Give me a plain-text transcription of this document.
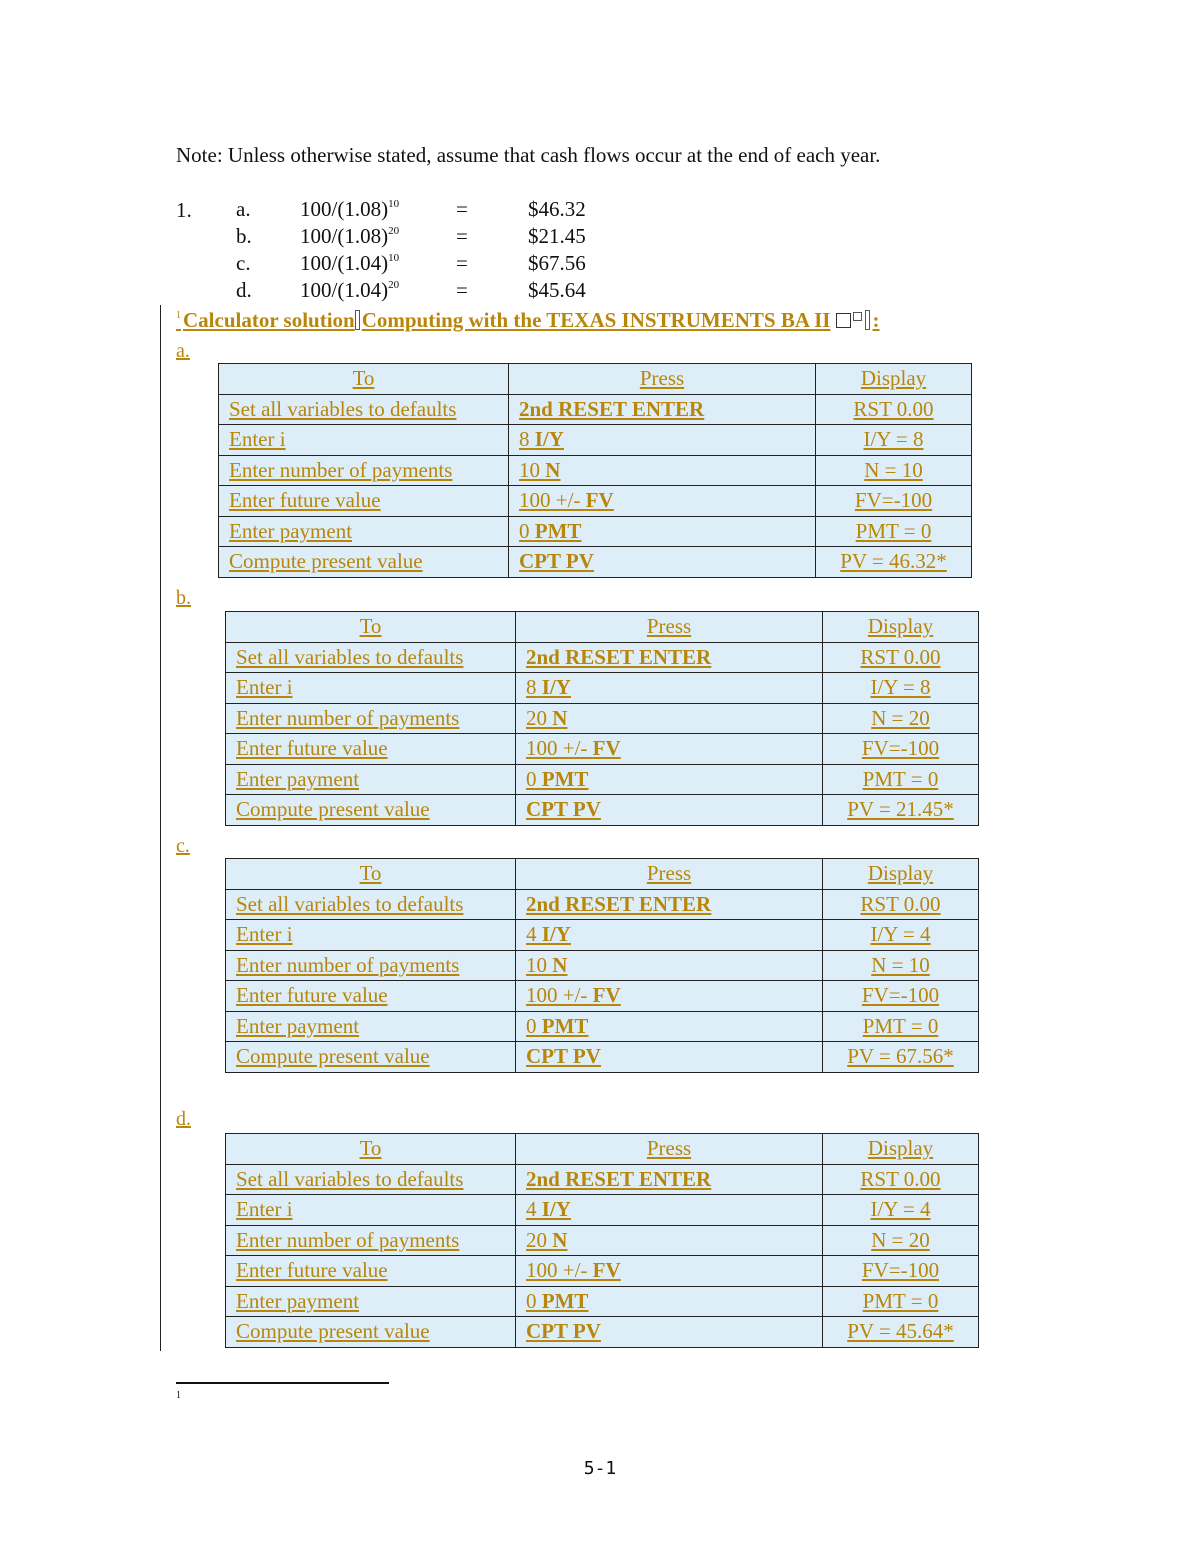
Note: Unless otherwise stated, assume that cash flows occur at the end of each year.
1. a. $100/(1.08)^{10}$	=	$46.32
b. $100/(1.08)^{20}$	=	$21.45
c. $100/(1.04)^{10}$	=	$67.56
d. $100/(1.04)^{20}$	=	$45.64
$^1$Calculator solution Computing with the TEXAS INSTRUMENTS BA II :
a.
To	Press	Display
Set all variables to defaults	2nd RESET ENTER	RST 0.00
Enter i	8 I/Y	I/Y = 8
Enter number of payments	10 N	N = 10
Enter future value	100 +/- FV	FV=-100
Enter payment	0 PMT	PMT = 0
Compute present value	CPT PV	PV = 46.32*
b.
To	Press	Display
Set all variables to defaults	2nd RESET ENTER	RST 0.00
Enter i	8 I/Y	I/Y = 8
Enter number of payments	20 N	N = 20
Enter future value	100 +/- FV	FV=-100
Enter payment	0 PMT	PMT = 0
Compute present value	CPT PV	PV = 21.45*
c.
To	Press	Display
Set all variables to defaults	2nd RESET ENTER	RST 0.00
Enter i	4 I/Y	I/Y = 4
Enter number of payments	10 N	N = 10
Enter future value	100 +/- FV	FV=-100
Enter payment	0 PMT	PMT = 0
Compute present value	CPT PV	PV = 67.56*
d.
To	Press	Display
Set all variables to defaults	2nd RESET ENTER	RST 0.00
Enter i	4 I/Y	I/Y = 4
Enter number of payments	20 N	N = 20
Enter future value	100 +/- FV	FV=-100
Enter payment	0 PMT	PMT = 0
Compute present value	CPT PV	PV = 45.64*
1
5-1
